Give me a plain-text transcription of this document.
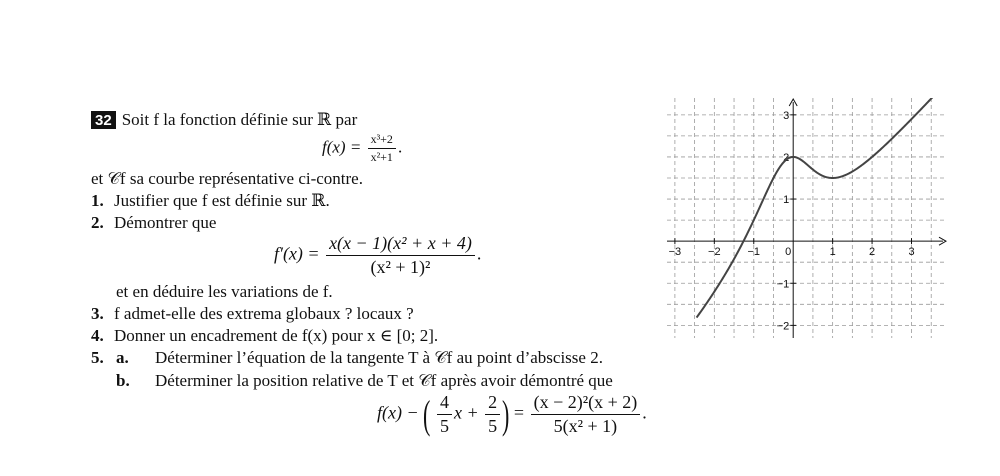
32 Soit f la fonction définie sur ℝ par
$f(x) = \frac{\text{x³+2}}{\text{x²+1}}$ .
et 𝒞f sa courbe représentative ci-contre.
1. Justifier que f est définie sur ℝ.
2. Démontrer que
$f'(x) = \frac{\text{x(x − 1)(x² + x + 4)}}{\text{(x² + 1)²}}$ .
et en déduire les variations de f.
3. f admet-elle des extrema globaux ? locaux ?
4. Donner un encadrement de f(x) pour x ∈ [0; 2].
5. a. Déterminer l’équation de la tangente T à 𝒞f au point d’abscisse 2.
b. Déterminer la position relative de T et 𝒞f après avoir démontré que
f(x) − ( $\frac{4}{5}$ $x + \frac{2}{5}$ ) = $\frac{\text{(x − 2)²(x + 2)}}{\text{5(x² + 1)}}$ .
−3 −2 −1 0	1	2	3
3
2
1
−1
−2
